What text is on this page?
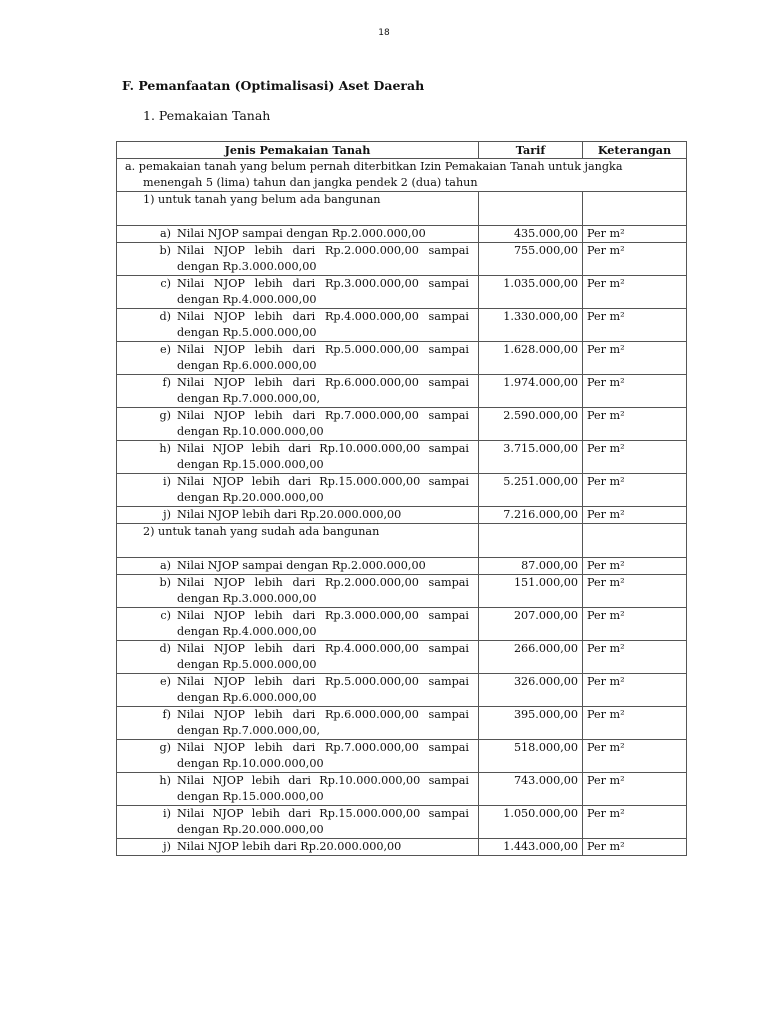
18
F. Pemanfaatan (Optimalisasi) Aset Daerah
1. Pemakaian Tanah
Jenis Pemakaian Tanah	Tarif	Keterangan

a. pemakaian tanah yang belum pernah diterbitkan Izin Pemakaian Tanah untuk jangka menengah 5 (lima) tahun dan jangka pendek 2 (dua) tahun		

1) untuk tanah yang belum ada bangunan		

a) Nilai NJOP sampai dengan Rp.2.000.000,00	435.000,00	Per m²

b) Nilai NJOP lebih dari Rp.2.000.000,00 sampai dengan Rp.3.000.000,00	755.000,00	Per m²

c) Nilai NJOP lebih dari Rp.3.000.000,00 sampai dengan Rp.4.000.000,00	1.035.000,00	Per m²

d) Nilai NJOP lebih dari Rp.4.000.000,00 sampai dengan Rp.5.000.000,00	1.330.000,00	Per m²

e) Nilai NJOP lebih dari Rp.5.000.000,00 sampai dengan Rp.6.000.000,00	1.628.000,00	Per m²

f) Nilai NJOP lebih dari Rp.6.000.000,00 sampai dengan Rp.7.000.000,00,	1.974.000,00	Per m²

g) Nilai NJOP lebih dari Rp.7.000.000,00 sampai dengan Rp.10.000.000,00	2.590.000,00	Per m²

h) Nilai NJOP lebih dari Rp.10.000.000,00 sampai dengan Rp.15.000.000,00	3.715.000,00	Per m²

i) Nilai NJOP lebih dari Rp.15.000.000,00 sampai dengan Rp.20.000.000,00	5.251.000,00	Per m²

j) Nilai NJOP lebih dari Rp.20.000.000,00	7.216.000,00	Per m²

2) untuk tanah yang sudah ada bangunan		

a) Nilai NJOP sampai dengan Rp.2.000.000,00	87.000,00	Per m²

b) Nilai NJOP lebih dari Rp.2.000.000,00 sampai dengan Rp.3.000.000,00	151.000,00	Per m²

c) Nilai NJOP lebih dari Rp.3.000.000,00 sampai dengan Rp.4.000.000,00	207.000,00	Per m²

d) Nilai NJOP lebih dari Rp.4.000.000,00 sampai dengan Rp.5.000.000,00	266.000,00	Per m²

e) Nilai NJOP lebih dari Rp.5.000.000,00 sampai dengan Rp.6.000.000,00	326.000,00	Per m²

f) Nilai NJOP lebih dari Rp.6.000.000,00 sampai dengan Rp.7.000.000,00,	395.000,00	Per m²

g) Nilai NJOP lebih dari Rp.7.000.000,00 sampai dengan Rp.10.000.000,00	518.000,00	Per m²

h) Nilai NJOP lebih dari Rp.10.000.000,00 sampai dengan Rp.15.000.000,00	743.000,00	Per m²

i) Nilai NJOP lebih dari Rp.15.000.000,00 sampai dengan Rp.20.000.000,00	1.050.000,00	Per m²

j) Nilai NJOP lebih dari Rp.20.000.000,00	1.443.000,00	Per m²
